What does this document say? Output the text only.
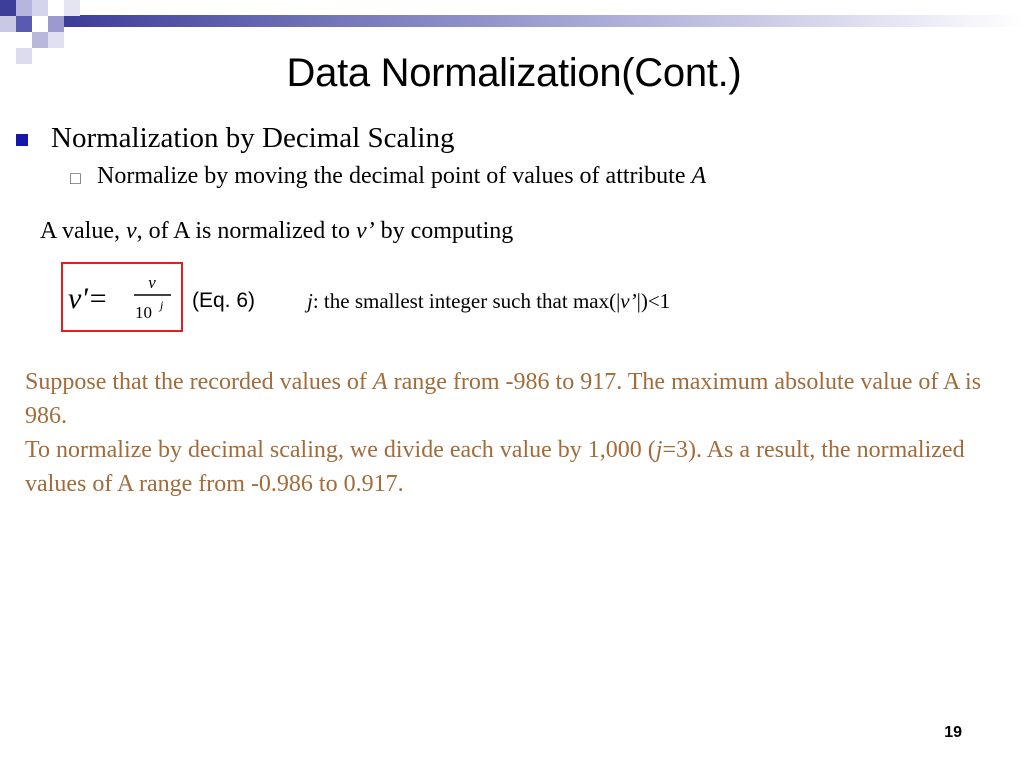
Data Normalization(Cont.)
Normalization by Decimal Scaling
□ Normalize by moving the decimal point of values of attribute A
A value, v, of A is normalized to v’ by computing
v'= v
10 j (Eq. 6) j: the smallest integer such that max(|v’|)<1

Suppose that the recorded values of A range from -986 to 917. The maximum absolute value of A is 986.

To normalize by decimal scaling, we divide each value by 1,000 (j=3). As a result, the normalized values of A range from -0.986 to 0.917.

19
